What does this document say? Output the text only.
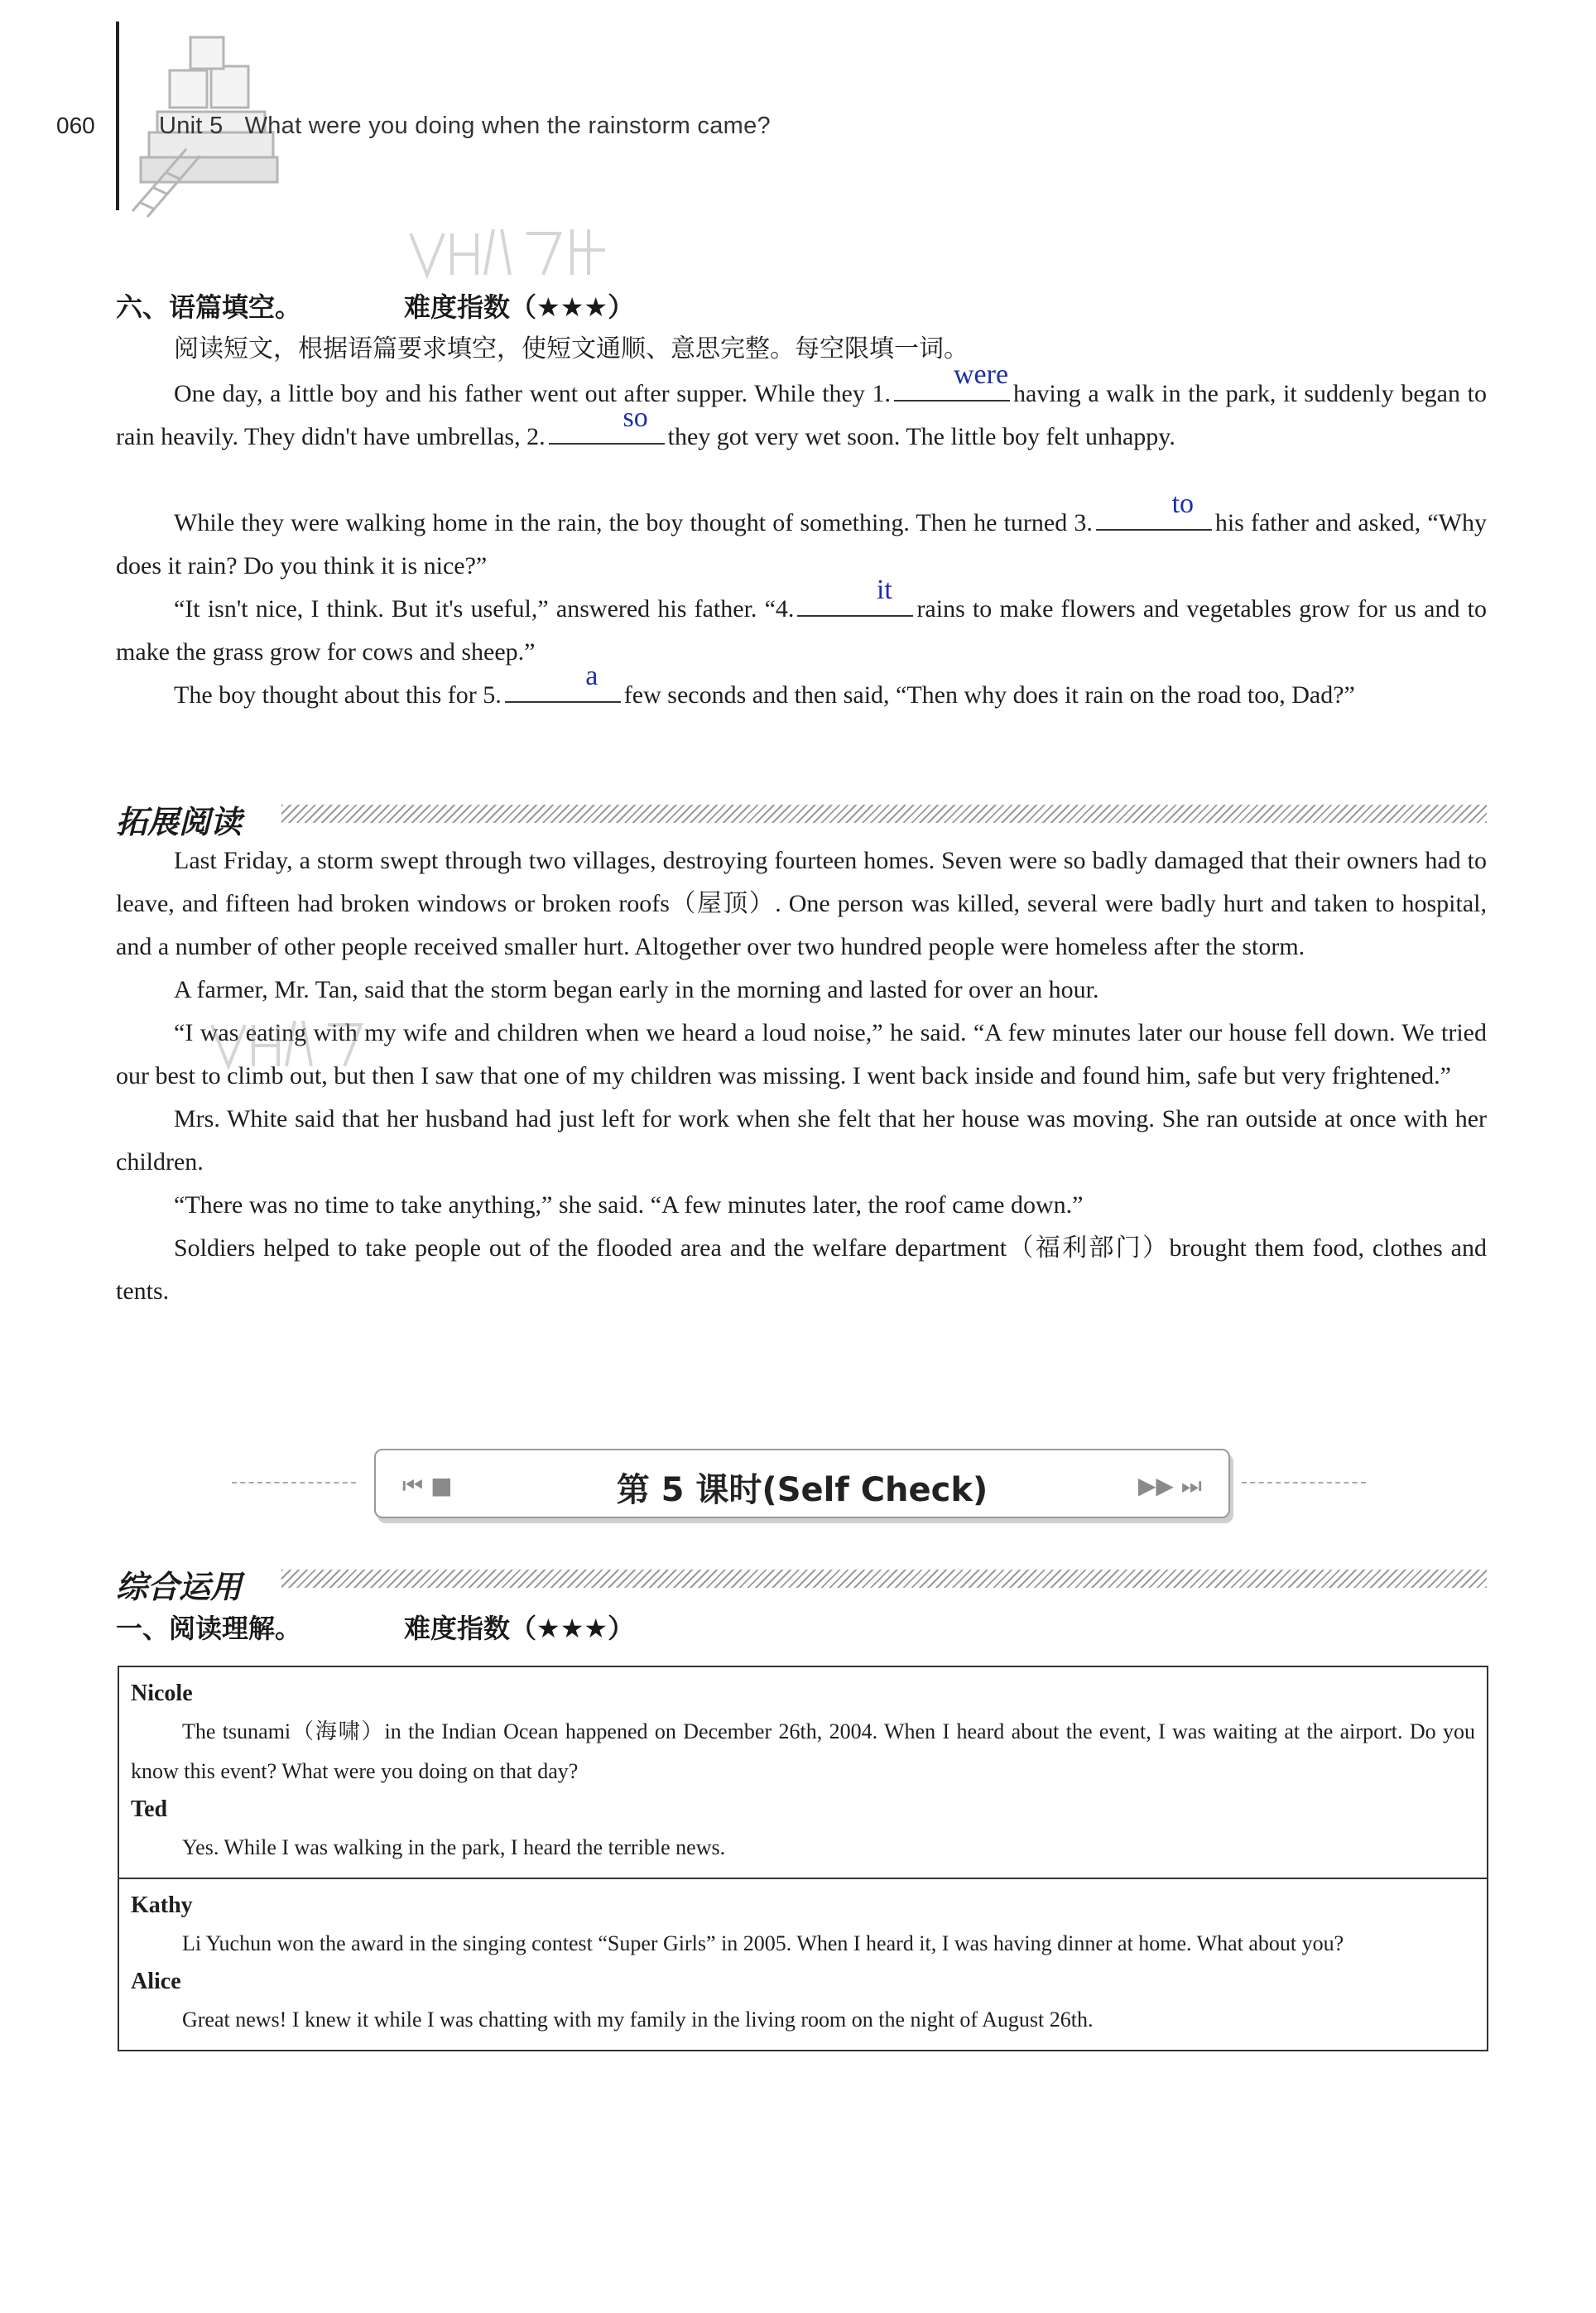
060	Unit 5 What were you doing when the rainstorm came?
六、语篇填空。	难度指数（★★★）
阅读短文，根据语篇要求填空，使短文通顺、意思完整。每空限填一词。
One day, a little boy and his father went out after supper. While they 1.
were
having a walk in the park, it suddenly began to rain heavily. They didn't have umbrellas, 2.
so
they got very wet soon. The little boy felt unhappy.
While they were walking home in the rain, the boy thought of something. Then he turned 3.
to
his father and asked, “Why does it rain? Do you think it is nice?”
“It isn't nice, I think. But it's useful,” answered his father. “4.
it
rains to make flowers and vegetables grow for us and to make the grass grow for cows and sheep.”
The boy thought about this for 5.
a
few seconds and then said, “Then why does it rain on the road too, Dad?”
拓展阅读
Last Friday, a storm swept through two villages, destroying fourteen homes. Seven were so badly damaged that their owners had to leave, and fifteen had broken windows or broken roofs（屋顶）. One person was killed, several were badly hurt and taken to hospital, and a number of other people received smaller hurt. Altogether over two hundred people were homeless after the storm.
A farmer, Mr. Tan, said that the storm began early in the morning and lasted for over an hour.
“I was eating with my wife and children when we heard a loud noise,” he said. “A few minutes later our house fell down. We tried our best to climb out, but then I saw that one of my children was missing. I went back inside and found him, safe but very frightened.”
Mrs. White said that her husband had just left for work when she felt that her house was moving. She ran outside at once with her children.
“There was no time to take anything,” she said. “A few minutes later, the roof came down.”
Soldiers helped to take people out of the flooded area and the welfare department（福利部门）brought them food, clothes and tents.
⏮ ■	第 5 课时(Self Check)	▶▶ ⏭
综合运用
一、阅读理解。	难度指数（★★★）
Nicole
The tsunami（海啸）in the Indian Ocean happened on December 26th, 2004. When I heard about the event, I was waiting at the airport. Do you know this event? What were you doing on that day?
Ted
Yes. While I was walking in the park, I heard the terrible news.
Kathy
Li Yuchun won the award in the singing contest “Super Girls” in 2005. When I heard it, I was having dinner at home. What about you?
Alice
Great news! I knew it while I was chatting with my family in the living room on the night of August 26th.
